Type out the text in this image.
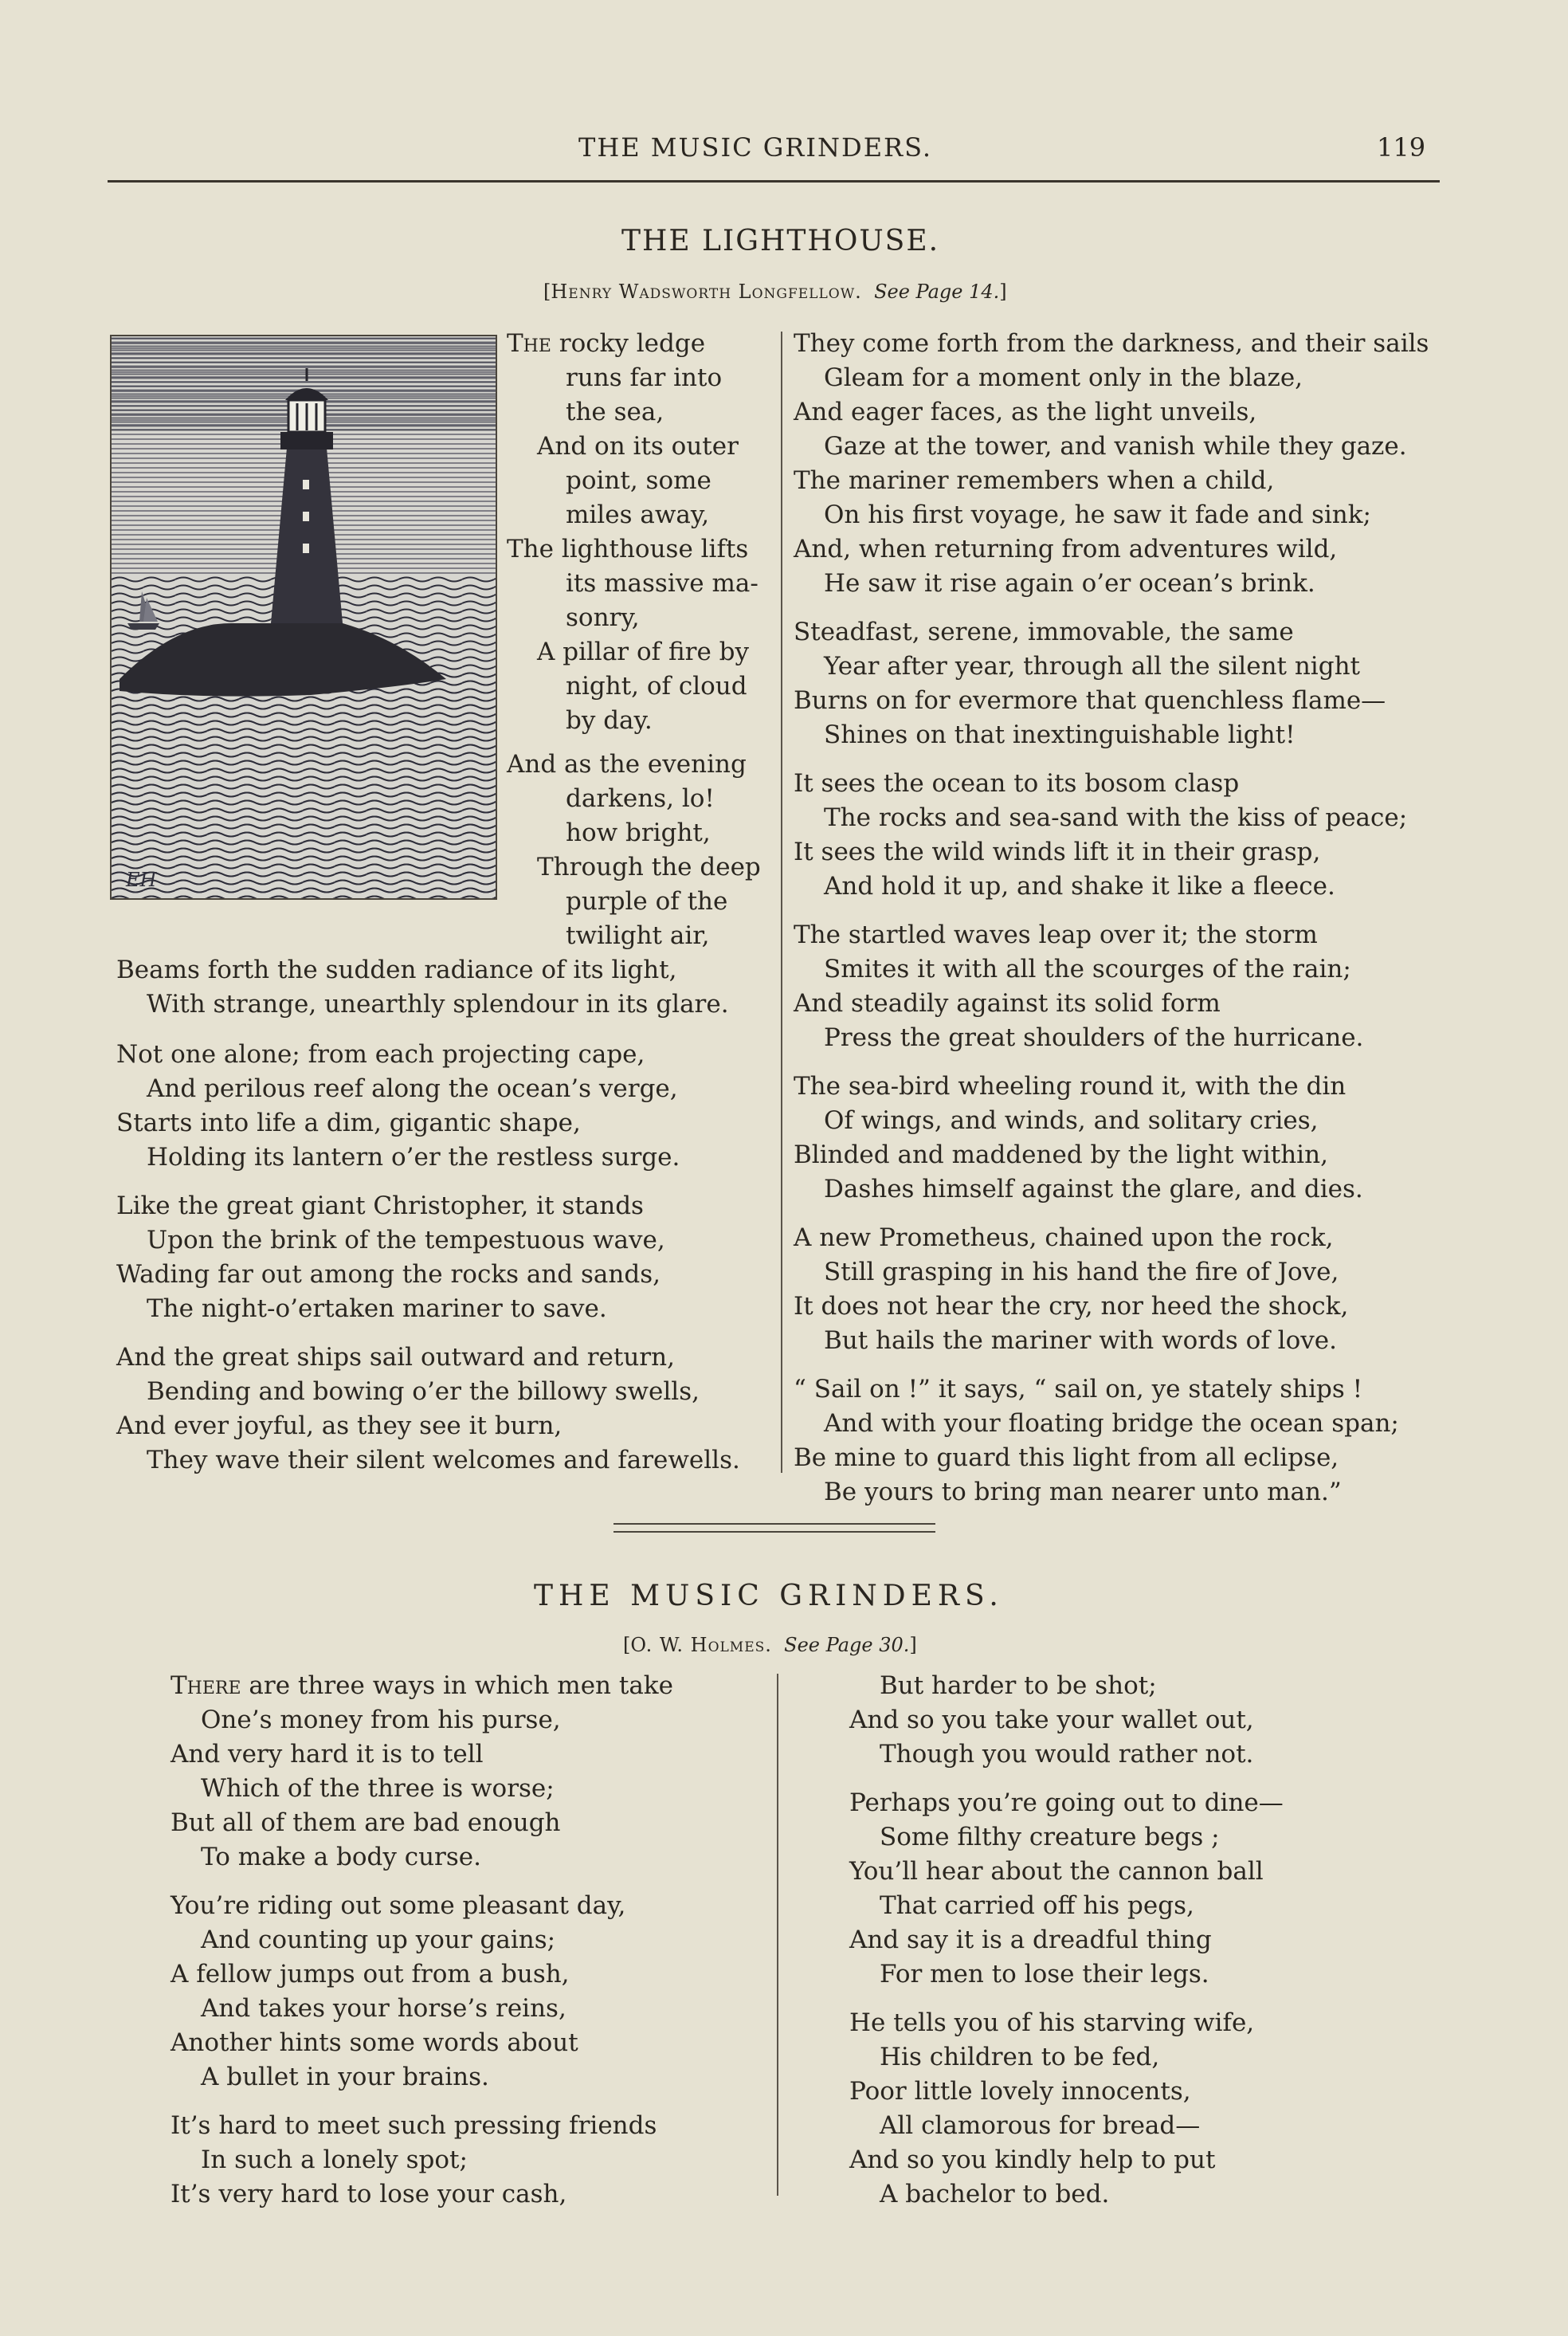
THE MUSIC GRINDERS.	119
THE LIGHTHOUSE.
[Henry Wadsworth Longfellow. See Page 14.]
EH
The rocky ledge
runs far into
the sea,
And on its outer
point, some
miles away,
The lighthouse lifts
its massive ma-
sonry,
A pillar of fire by
night, of cloud
by day.
And as the evening
darkens, lo!
how bright,
Through the deep
purple of the
twilight air,
Beams forth the sudden radiance of its light,
With strange, unearthly splendour in its glare.
Not one alone; from each projecting cape,
And perilous reef along the ocean’s verge,
Starts into life a dim, gigantic shape,
Holding its lantern o’er the restless surge.
Like the great giant Christopher, it stands
Upon the brink of the tempestuous wave,
Wading far out among the rocks and sands,
The night-o’ertaken mariner to save.
And the great ships sail outward and return,
Bending and bowing o’er the billowy swells,
And ever joyful, as they see it burn,
They wave their silent welcomes and farewells.
They come forth from the darkness, and their sails
Gleam for a moment only in the blaze,
And eager faces, as the light unveils,
Gaze at the tower, and vanish while they gaze.
The mariner remembers when a child,
On his first voyage, he saw it fade and sink;
And, when returning from adventures wild,
He saw it rise again o’er ocean’s brink.
Steadfast, serene, immovable, the same
Year after year, through all the silent night
Burns on for evermore that quenchless flame—
Shines on that inextinguishable light!
It sees the ocean to its bosom clasp
The rocks and sea-sand with the kiss of peace;
It sees the wild winds lift it in their grasp,
And hold it up, and shake it like a fleece.
The startled waves leap over it; the storm
Smites it with all the scourges of the rain;
And steadily against its solid form
Press the great shoulders of the hurricane.
The sea-bird wheeling round it, with the din
Of wings, and winds, and solitary cries,
Blinded and maddened by the light within,
Dashes himself against the glare, and dies.
A new Prometheus, chained upon the rock,
Still grasping in his hand the fire of Jove,
It does not hear the cry, nor heed the shock,
But hails the mariner with words of love.
“ Sail on !” it says, “ sail on, ye stately ships !
And with your floating bridge the ocean span;
Be mine to guard this light from all eclipse,
Be yours to bring man nearer unto man.”
THE MUSIC GRINDERS.
[O. W. Holmes. See Page 30.]
There are three ways in which men take
One’s money from his purse,
And very hard it is to tell
Which of the three is worse;
But all of them are bad enough
To make a body curse.
You’re riding out some pleasant day,
And counting up your gains;
A fellow jumps out from a bush,
And takes your horse’s reins,
Another hints some words about
A bullet in your brains.
It’s hard to meet such pressing friends
In such a lonely spot;
It’s very hard to lose your cash,
But harder to be shot;
And so you take your wallet out,
Though you would rather not.
Perhaps you’re going out to dine—
Some filthy creature begs ;
You’ll hear about the cannon ball
That carried off his pegs,
And say it is a dreadful thing
For men to lose their legs.
He tells you of his starving wife,
His children to be fed,
Poor little lovely innocents,
All clamorous for bread—
And so you kindly help to put
A bachelor to bed.
